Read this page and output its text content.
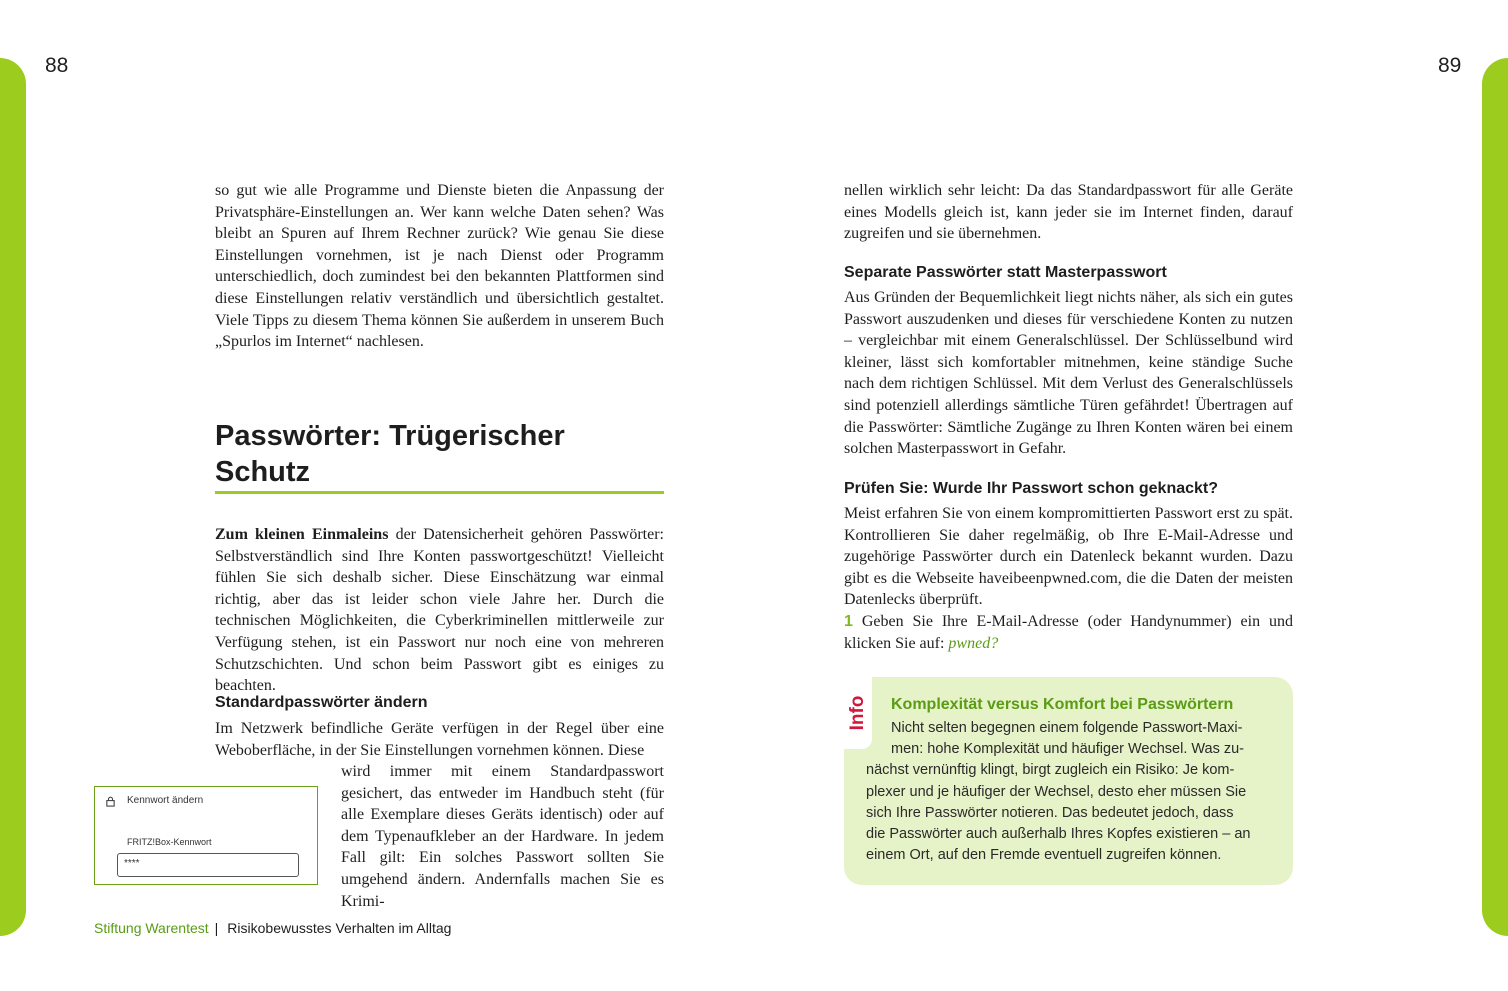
88	89

so gut wie alle Programme und Dienste bieten die Anpassung der Privatsphäre-Einstellungen an. Wer kann welche Daten sehen? Was bleibt an Spuren auf Ihrem Rechner zurück? Wie genau Sie diese Einstellungen vornehmen, ist je nach Dienst oder Programm unterschiedlich, doch zumindest bei den bekannten Plattformen sind diese Einstellungen relativ verständlich und übersichtlich gestaltet. Viele Tipps zu diesem Thema können Sie außerdem in unserem Buch „Spurlos im Internet“ nachlesen.

Passwörter: Trügerischer Schutz

Zum kleinen Einmaleins der Datensicherheit gehören Passwörter: Selbstverständlich sind Ihre Konten passwortgeschützt! Vielleicht fühlen Sie sich deshalb sicher. Diese Einschätzung war einmal richtig, aber das ist leider schon viele Jahre her. Durch die technischen Möglichkeiten, die Cyberkriminellen mittlerweile zur Verfügung stehen, ist ein Passwort nur noch eine von mehreren Schutzschichten. Und schon beim Passwort gibt es einiges zu beachten.

Standardpasswörter ändern

Im Netzwerk befindliche Geräte verfügen in der Regel über eine Weboberfläche, in der Sie Einstellungen vornehmen können. Diese

wird immer mit einem Standardpasswort gesichert, das entweder im Handbuch steht (für alle Exemplare dieses Geräts identisch) oder auf dem Typenaufkleber an der Hardware. In jedem Fall gilt: Ein solches Passwort sollten Sie umgehend ändern. Andernfalls machen Sie es Krimi-

Kennwort ändern
FRITZ!Box-Kennwort
****
Stiftung Warentest | Risikobewusstes Verhalten im Alltag

nellen wirklich sehr leicht: Da das Standardpasswort für alle Geräte eines Modells gleich ist, kann jeder sie im Internet finden, darauf zugreifen und sie übernehmen.

Separate Passwörter statt Masterpasswort

Aus Gründen der Bequemlichkeit liegt nichts näher, als sich ein gutes Passwort auszudenken und dieses für verschiedene Konten zu nutzen – vergleichbar mit einem Generalschlüssel. Der Schlüsselbund wird kleiner, lässt sich komfortabler mitnehmen, keine ständige Suche nach dem richtigen Schlüssel. Mit dem Verlust des Generalschlüssels sind potenziell allerdings sämtliche Türen gefährdet! Übertragen auf die Passwörter: Sämtliche Zugänge zu Ihren Konten wären bei einem solchen Masterpasswort in Gefahr.

Prüfen Sie: Wurde Ihr Passwort schon geknackt?

Meist erfahren Sie von einem kompromittierten Passwort erst zu spät. Kontrollieren Sie daher regelmäßig, ob Ihre E-Mail-Adresse und zugehörige Passwörter durch ein Datenleck bekannt wurden. Dazu gibt es die Webseite haveibeenpwned.com, die die Daten der meisten Datenlecks überprüft.

1 Geben Sie Ihre E-Mail-Adresse (oder Handynummer) ein und klicken Sie auf: pwned?

Info Komplexität versus Komfort bei Passwörtern

Nicht selten begegnen einem folgende Passwort-Maxi-

men: hohe Komplexität und häufiger Wechsel. Was zu-

nächst vernünftig klingt, birgt zugleich ein Risiko: Je kom-

plexer und je häufiger der Wechsel, desto eher müssen Sie

sich Ihre Passwörter notieren. Das bedeutet jedoch, dass

die Passwörter auch außerhalb Ihres Kopfes existieren – an

einem Ort, auf den Fremde eventuell zugreifen können.
